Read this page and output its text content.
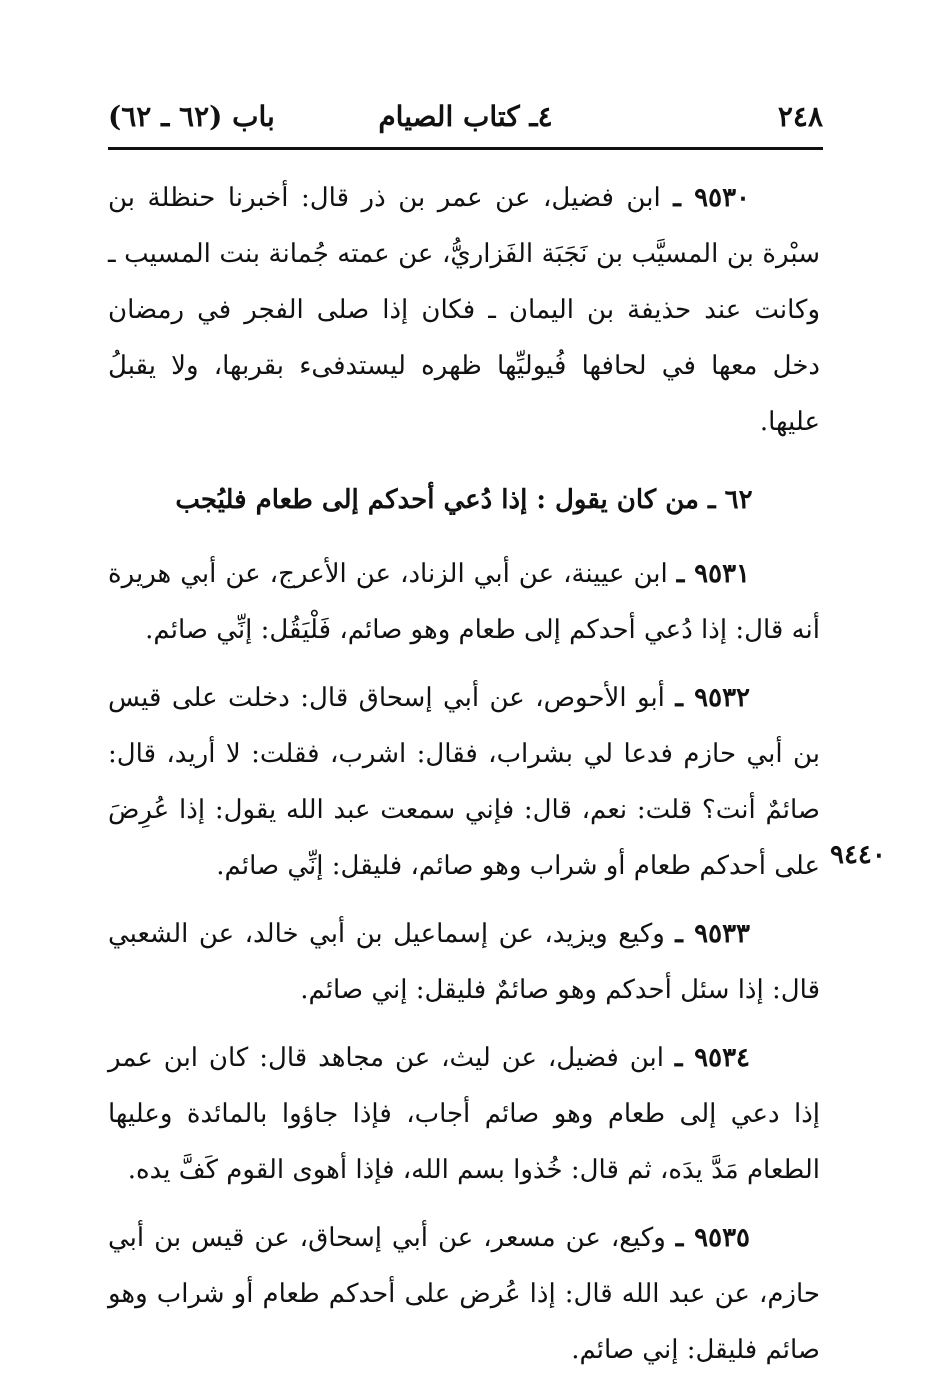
٢٤٨
٤ـ كتاب الصيام
باب (٦٢ ـ ٦٢)
٩٤٤٠

٩٥٣٠ ـ ابن فضيل، عن عمر بن ذر قال: أخبرنا حنظلة بن سبْرة بن المسيَّب بن نَجَبَة الفَزاريُّ، عن عمته جُمانة بنت المسيب ـ وكانت عند حذيفة بن اليمان ـ فكان إذا صلى الفجر في رمضان دخل معها في لحافها فُيوليِّها ظهره ليستدفىء بقربها، ولا يقبلُ عليها.

٦٢ ـ من كان يقول : إذا دُعي أحدكم إلى طعام فليُجب

٩٥٣١ ـ ابن عيينة، عن أبي الزناد، عن الأعرج، عن أبي هريرة أنه قال: إذا دُعي أحدكم إلى طعام وهو صائم، فَلْيَقُل: إنِّي صائم.

٩٥٣٢ ـ أبو الأحوص، عن أبي إسحاق قال: دخلت على قيس بن أبي حازم فدعا لي بشراب، فقال: اشرب، فقلت: لا أريد، قال: صائمٌ أنت؟ قلت: نعم، قال: فإني سمعت عبد الله يقول: إذا عُرِضَ على أحدكم طعام أو شراب وهو صائم، فليقل: إنِّي صائم.

٩٥٣٣ ـ وكيع ويزيد، عن إسماعيل بن أبي خالد، عن الشعبي قال: إذا سئل أحدكم وهو صائمٌ فليقل: إني صائم.

٩٥٣٤ ـ ابن فضيل، عن ليث، عن مجاهد قال: كان ابن عمر إذا دعي إلى طعام وهو صائم أجاب، فإذا جاؤوا بالمائدة وعليها الطعام مَدَّ يدَه، ثم قال: خُذوا بسم الله، فإذا أهوى القوم كَفَّ يده.

٩٥٣٥ ـ وكيع، عن مسعر، عن أبي إسحاق، عن قيس بن أبي حازم، عن عبد الله قال: إذا عُرض على أحدكم طعام أو شراب وهو صائم فليقل: إني صائم.
